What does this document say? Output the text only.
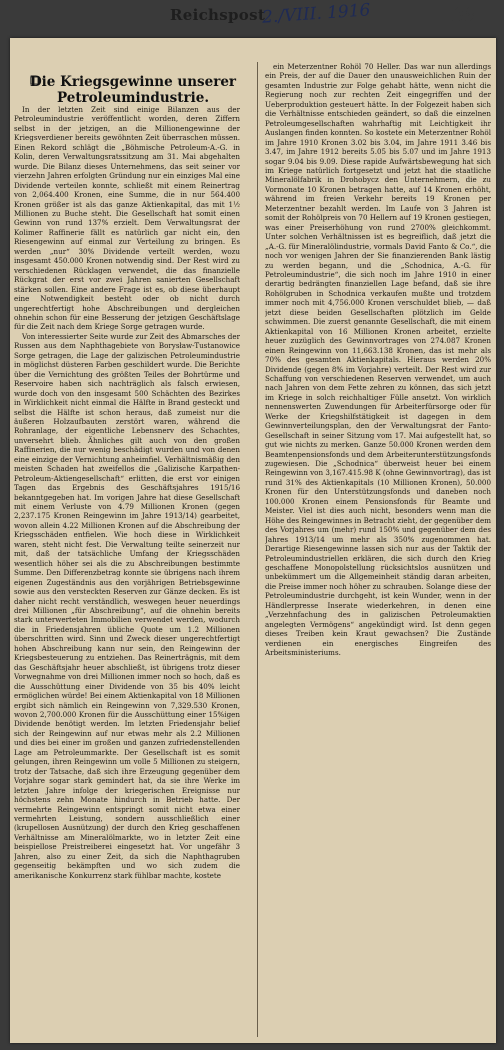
Reichspost
2./VIII. 1916	39
Die Kriegsgewinne unserer Petroleumindustrie.

In der letzten Zeit sind einige Bilanzen aus der Petroleumindustrie veröffentlicht worden, deren Ziffern selbst in der jetzigen, an die Millionengewinne der Kriegsverdiener bereits gewöhnten Zeit überraschen müssen. Einen Rekord schlägt die „Böhmische Petroleum-A.-G. in Kolin, deren Verwaltungsratssitzung am 31. Mai abgehalten wurde. Die Bilanz dieses Unternehmens, das seit seiner vor vierzehn Jahren erfolgten Gründung nur ein einziges Mal eine Dividende verteilen konnte, schließt mit einem Reinertrag von 2,064.400 Kronen, eine Summe, die in nur 564.400 Kronen größer ist als das ganze Aktienkapital, das mit 1½ Millionen zu Buche steht. Die Gesellschaft hat somit einen Gewinn von rund 137% erzielt. Dem Verwaltungsrat der Kolimer Raffinerie fällt es natürlich gar nicht ein, den Riesengewinn auf einmal zur Verteilung zu bringen. Es werden „nur“ 30% Dividende verteilt werden, wozu insgesamt 450.000 Kronen notwendig sind. Der Rest wird zu verschiedenen Rücklagen verwendet, die das finanzielle Rückgrat der erst vor zwei Jahren sanierten Gesellschaft stärken sollen. Eine andere Frage ist es, ob diese überhaupt eine Notwendigkeit besteht oder ob nicht durch ungerechtfertigt hohe Abschreibungen und dergleichen ohnehin schon für eine Besserung der jetzigen Geschäftslage für die Zeit nach dem Kriege Sorge getragen wurde.

Von interessierter Seite wurde zur Zeit des Abmarsches der Russen aus dem Naphthagebiete von Borysław-Tustanowice Sorge getragen, die Lage der galizischen Petroleumindustrie in möglichst düsteren Farben geschildert wurde. Die Berichte über die Vernichtung des größten Teiles der Bohrtürme und Reservoire haben sich nachträglich als falsch erwiesen, wurde doch von den insgesamt 500 Schächten des Bezirkes in Wirklichkeit nicht einmal die Hälfte in Brand gesteckt und selbst die Hälfte ist schon heraus, daß zumeist nur die äußeren Holzaufbauten zerstört waren, während die Rohranlage, der eigentliche Lebensnerv des Schachtes, unversehrt blieb. Ähnliches gilt auch von den großen Raffinerien, die nur wenig beschädigt wurden und von denen eine einzige der Vernichtung anheimfiel. Verhältnismäßig den meisten Schaden hat zweifellos die „Galizische Karpathen-Petroleum-Aktiengesellschaft“ erlitten, die erst vor einigen Tagen das Ergebnis des Geschäftsjahres 1915/16 bekanntgegeben hat. Im vorigen Jahre hat diese Gesellschaft mit einem Verluste von 4.79 Millionen Kronen (gegen 2,237.175 Kronen Reingewinn im Jahre 1913/14) gearbeitet, wovon allein 4.22 Millionen Kronen auf die Abschreibung der Kriegsschäden entfielen. Wie hoch diese in Wirklichkeit waren, steht nicht fest. Die Verwaltung teilte seinerzeit nur mit, daß der tatsächliche Umfang der Kriegsschäden wesentlich höher sei als die zu Abschreibungen bestimmte Summe. Den Differenzbetrag konnte sie übrigens nach ihrem eigenen Zugeständnis aus den vorjährigen Betriebsgewinne sowie aus den versteckten Reserven zur Gänze decken. Es ist daher nicht recht verständlich, weswegen heuer neuerdings drei Millionen „für Abschreibung“, auf die ohnehin bereits stark unterwerteten Immobilien verwendet werden, wodurch die in Friedensjahren übliche Quote um 1.2 Millionen überschritten wird. Sinn und Zweck dieser ungerechtfertigt hohen Abschreibung kann nur sein, den Reingewinn der Kriegsbesteuerung zu entziehen. Das Reinerträgnis, mit dem das Geschäftsjahr heuer abschließt, ist übrigens trotz dieser Vorwegnahme von drei Millionen immer noch so hoch, daß es die Ausschüttung einer Dividende von 35 bis 40% leicht ermöglichen würde! Bei einem Aktienkapital von 18 Millionen ergibt sich nämlich ein Reingewinn von 7,329.530 Kronen, wovon 2,700.000 Kronen für die Ausschüttung einer 15%igen Dividende benötigt werden. Im letzten Friedensjahr belief sich der Reingewinn auf nur etwas mehr als 2.2 Millionen und dies bei einer im großen und ganzen zufriedenstellenden Lage am Petroleummarkte. Der Gesellschaft ist es somit gelungen, ihren Reingewinn um volle 5 Millionen zu steigern, trotz der Tatsache, daß sich ihre Erzeugung gegenüber dem Vorjahre sogar stark gemindert hat, da sie ihre Werke im letzten Jahre infolge der kriegerischen Ereignisse nur höchstens zehn Monate hindurch in Betrieb hatte. Der vermehrte Reingewinn entspringt somit nicht etwa einer vermehrten Leistung, sondern ausschließlich einer (krupellosen Ausnützung) der durch den Krieg geschaffenen Verhältnisse am Mineralölmarkte, wo in letzter Zeit eine beispiellose Preistreiberei eingesetzt hat. Vor ungefähr 3 Jahren, also zu einer Zeit, da sich die Naphthagruben gegenseitig bekämpften und wo sich zudem die amerikanische Konkurrenz stark fühlbar machte, kostete

ein Meterzentner Rohöl 70 Heller. Das war nun allerdings ein Preis, der auf die Dauer den unausweichlichen Ruin der gesamten Industrie zur Folge gehabt hätte, wenn nicht die Regierung noch zur rechten Zeit eingegriffen und der Ueberproduktion gesteuert hätte. In der Folgezeit haben sich die Verhältnisse entschieden geändert, so daß die einzelnen Petroleumgesellschaften wahrhaftig mit Leichtigkeit ihr Auslangen finden konnten. So kostete ein Meterzentner Rohöl im Jahre 1910 Kronen 3.02 bis 3.04, im Jahre 1911 3.46 bis 3.47, im Jahre 1912 bereits 5.05 bis 5.07 und im Jahre 1913 sogar 9.04 bis 9.09. Diese rapide Aufwärtsbewegung hat sich im Kriege natürlich fortgesetzt und jetzt hat die staatliche Mineralölfabrik in Drohobycz den Unternehmern, die zu Vormonate 10 Kronen betragen hatte, auf 14 Kronen erhöht, während im freien Verkehr bereits 19 Kronen per Meterzentner bezahlt werden. Im Laufe von 3 Jahren ist somit der Rohölpreis von 70 Hellern auf 19 Kronen gestiegen, was einer Preiserhöhung von rund 2700% gleichkommt. Unter solchen Verhältnissen ist es begreiflich, daß jetzt die „A.-G. für Mineralölindustrie, vormals David Fanto & Co.“, die noch vor wenigen Jahren der Sie finanzierenden Bank lästig zu werden begann, und die „Schodnica, A.-G. für Petroleumindustrie“, die sich noch im Jahre 1910 in einer derartig bedrängten finanziellen Lage befand, daß sie ihre Rohölgruben in Schodnica verkaufen mußte und trotzdem immer noch mit 4,756.000 Kronen verschuldet blieb, — daß jetzt diese beiden Gesellschaften plötzlich im Gelde schwimmen. Die zuerst genannte Gesellschaft, die mit einem Aktienkapital von 16 Millionen Kronen arbeitet, erzielte heuer zuzüglich des Gewinnvortrages von 274.087 Kronen einen Reingewinn von 11,663.138 Kronen, das ist mehr als 70% des gesamten Aktienkapitals. Hieraus werden 20% Dividende (gegen 8% im Vorjahre) verteilt. Der Rest wird zur Schaffung von verschiedenen Reserven verwendet, um auch nach Jahren von dem Fette zehren zu können, das sich jetzt im Kriege in solch reichhaltiger Fülle ansetzt. Von wirklich nennenswerten Zuwendungen für Arbeiterfürsorge oder für Werke der Kriegshilfstätigkeit ist dagegen in dem Gewinnverteilungsplan, den der Verwaltungsrat der Fanto-Gesellschaft in seiner Sitzung vom 17. Mai aufgestellt hat, so gut wie nichts zu merken. Ganze 50.000 Kronen werden dem Beamtenpensionsfonds und dem Arbeiterunterstützungsfonds zugewiesen. Die „Schodnica“ überweist heuer bei einem Reingewinn von 3,167.415.98 K (ohne Gewinnvortrag), das ist rund 31% des Aktienkapitals (10 Millionen Kronen), 50.000 Kronen für den Unterstützungsfonds und daneben noch 100.000 Kronen einem Pensionsfonds für Beamte und Meister. Viel ist dies auch nicht, besonders wenn man die Höhe des Reingewinnes in Betracht zieht, der gegenüber dem des Vorjahres um (mehr) rund 150% und gegenüber dem des Jahres 1913/14 um mehr als 350% zugenommen hat. Derartige Riesengewinne lassen sich nur aus der Taktik der Petroleumindustriellen erklären, die sich durch den Krieg geschaffene Monopolstellung rücksichtslos ausnützen und unbekümmert um die Allgemeinheit ständig daran arbeiten, die Preise immer noch höher zu schrauben. Solange diese der Petroleumindustrie durchgeht, ist kein Wunder, wenn in der Händlerpresse Inserate wiederkehren, in denen eine „Verzehnfachung des in galizischen Petroleumaktien angelegten Vermögens“ angekündigt wird. Ist denn gegen dieses Treiben kein Kraut gewachsen? Die Zustände verdienen ein energisches Eingreifen des Arbeitsministeriums.
